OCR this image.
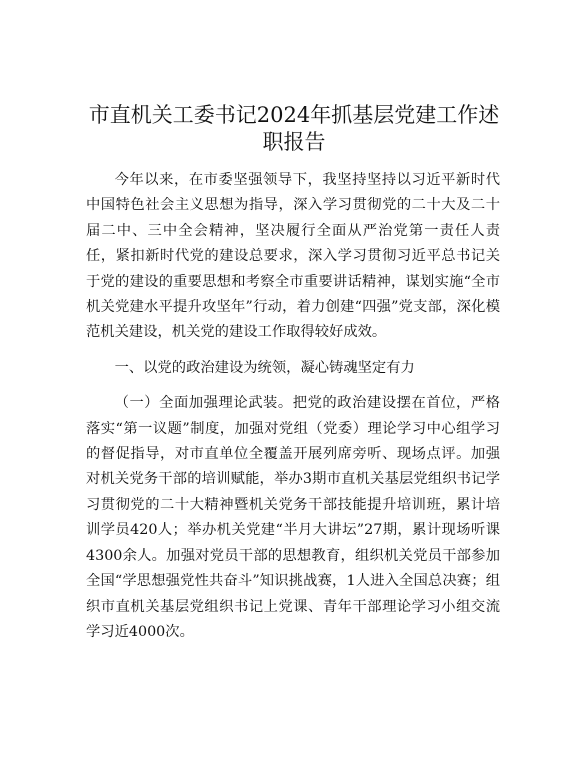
市直机关工委书记2024年抓基层党建工作述职报告

今年以来，在市委坚强领导下，我坚持坚持以习近平新时代中国特色社会主义思想为指导，深入学习贯彻党的二十大及二十届二中、三中全会精神，坚决履行全面从严治党第一责任人责任，紧扣新时代党的建设总要求，深入学习贯彻习近平总书记关于党的建设的重要思想和考察全市重要讲话精神，谋划实施“全市机关党建水平提升攻坚年”行动，着力创建“四强”党支部，深化模范机关建设，机关党的建设工作取得较好成效。

一、以党的政治建设为统领，凝心铸魂坚定有力

（一）全面加强理论武装。把党的政治建设摆在首位，严格落实“第一议题”制度，加强对党组（党委）理论学习中心组学习的督促指导，对市直单位全覆盖开展列席旁听、现场点评。加强对机关党务干部的培训赋能，举办3期市直机关基层党组织书记学习贯彻党的二十大精神暨机关党务干部技能提升培训班，累计培训学员420人；举办机关党建“半月大讲坛”27期，累计现场听课4300余人。加强对党员干部的思想教育，组织机关党员干部参加全国“学思想强党性共奋斗”知识挑战赛，1人进入全国总决赛；组织市直机关基层党组织书记上党课、青年干部理论学习小组交流学习近4000次。
